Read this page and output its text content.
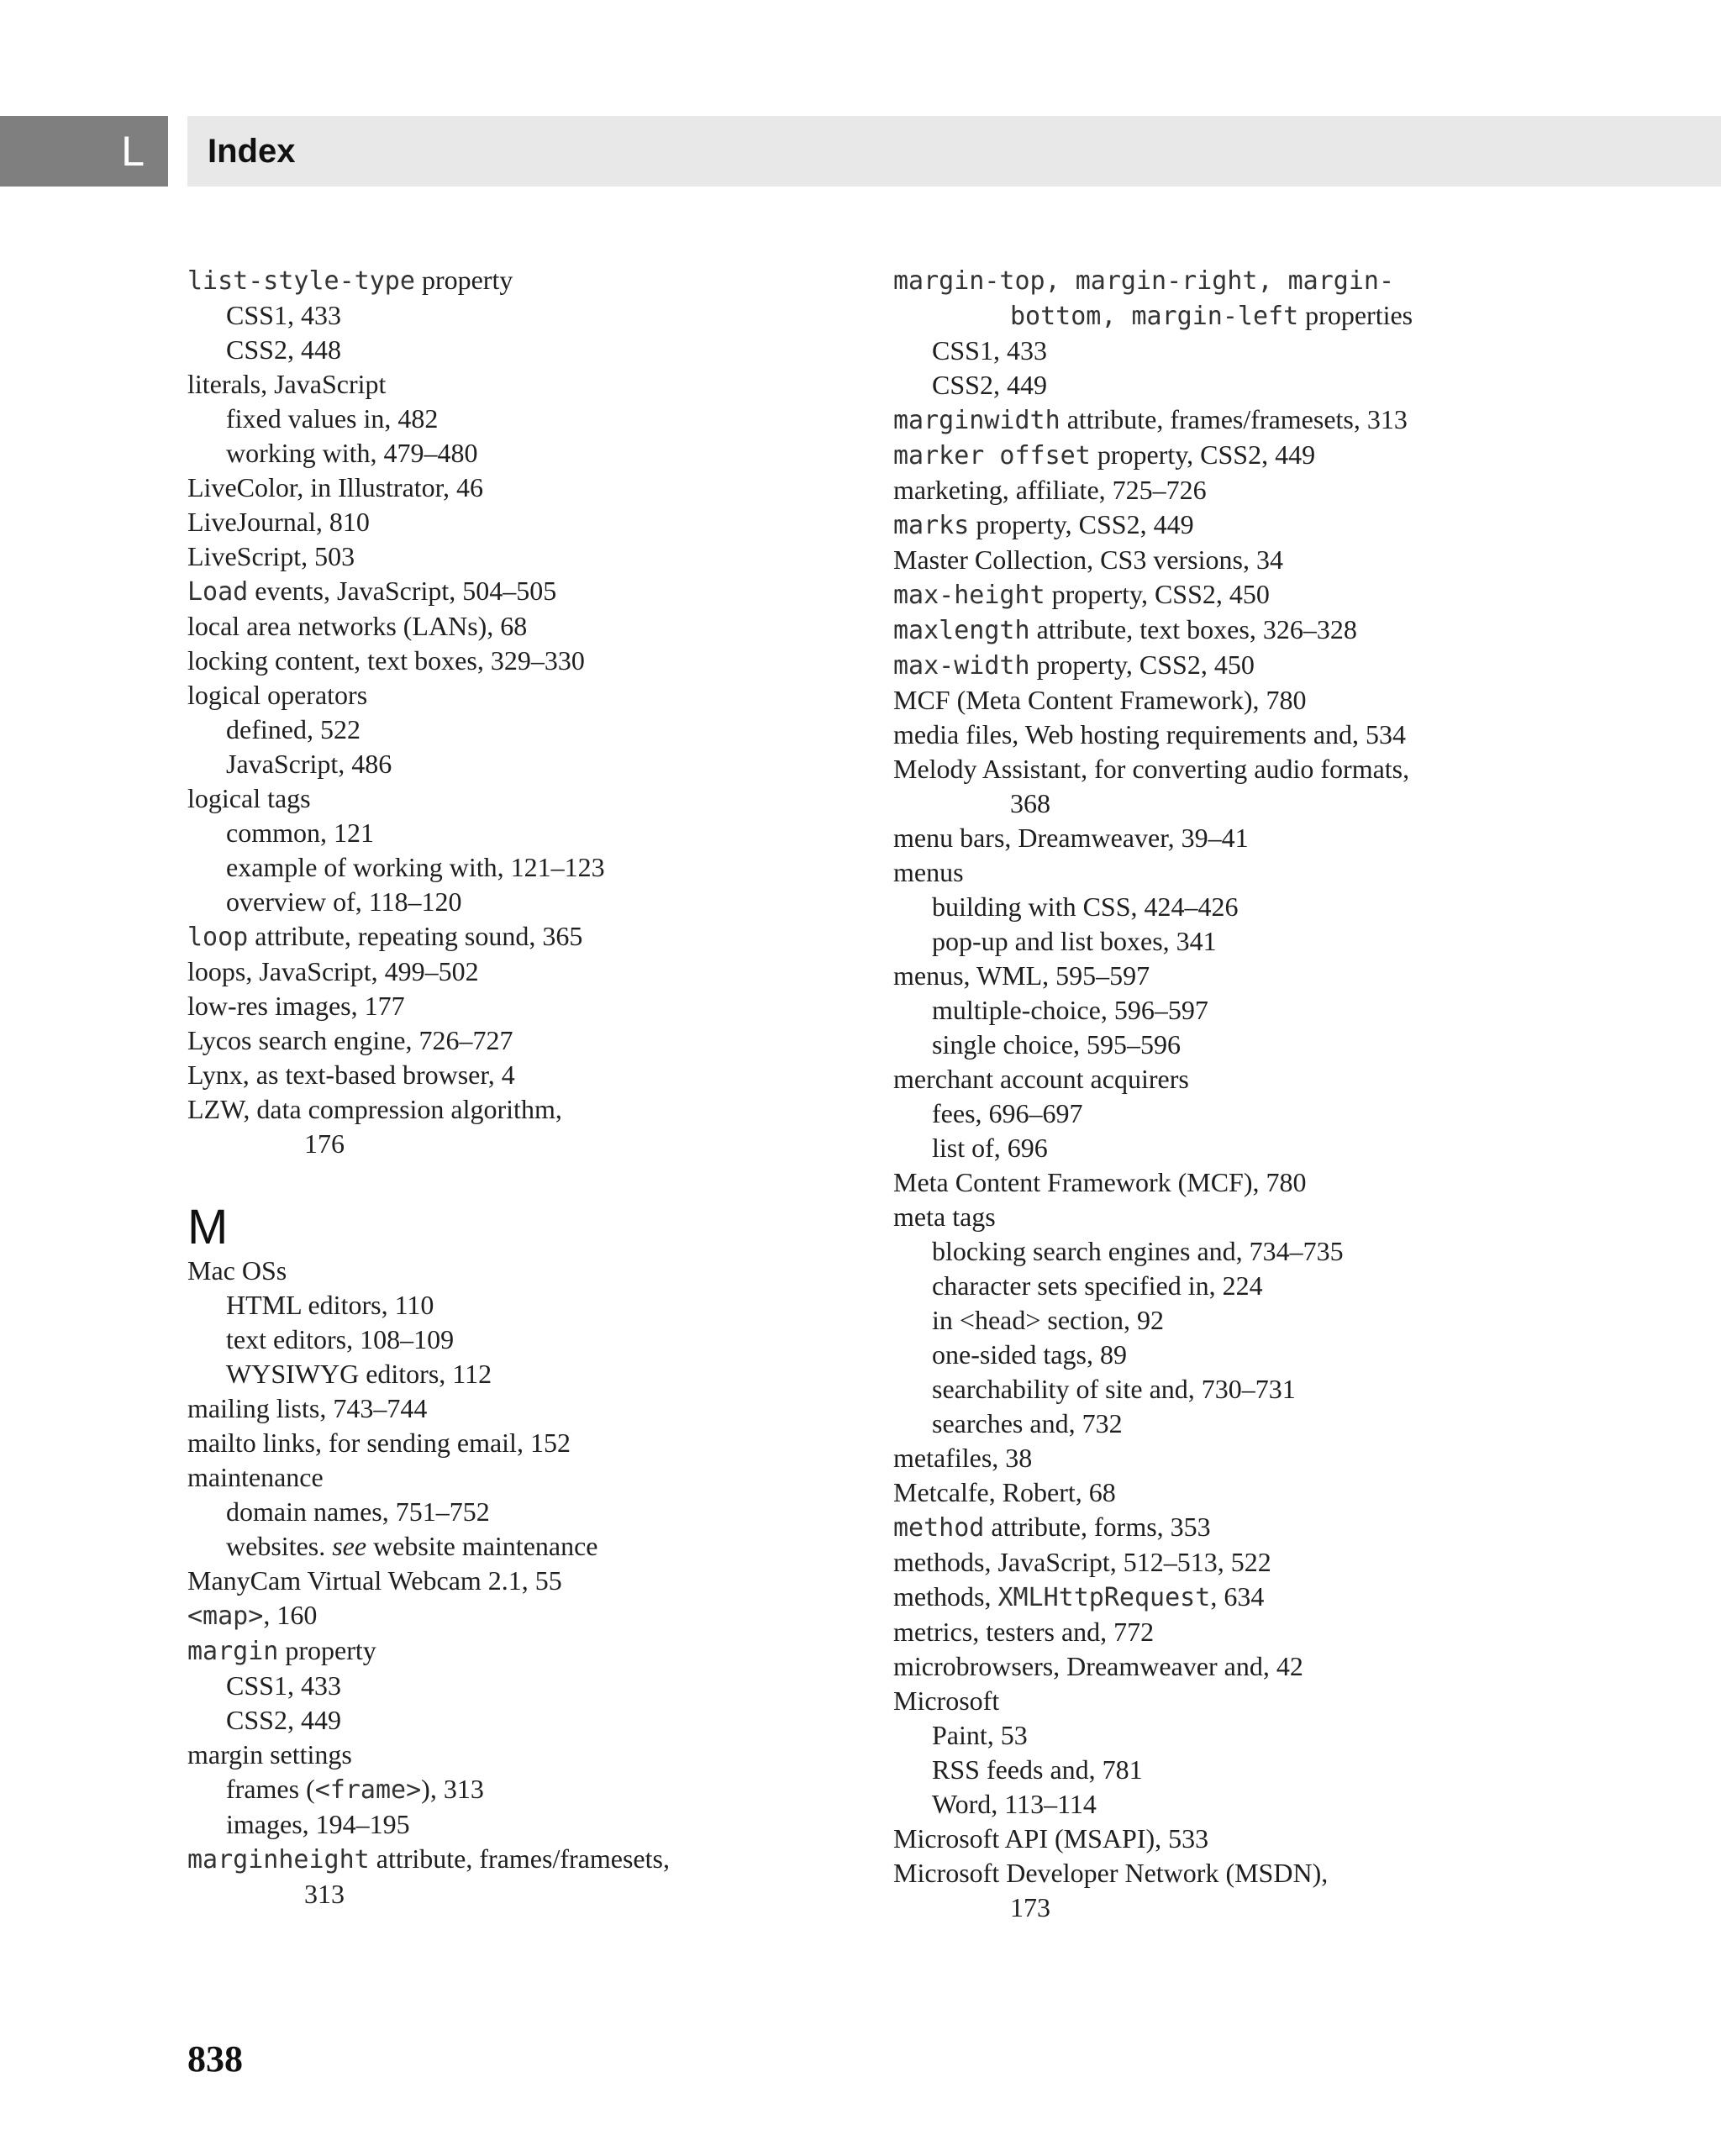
L	Index
list-style-type property
CSS1, 433
CSS2, 448
literals, JavaScript
fixed values in, 482
working with, 479–480
LiveColor, in Illustrator, 46
LiveJournal, 810
LiveScript, 503
Load events, JavaScript, 504–505
local area networks (LANs), 68
locking content, text boxes, 329–330
logical operators
defined, 522
JavaScript, 486
logical tags
common, 121
example of working with, 121–123
overview of, 118–120
loop attribute, repeating sound, 365
loops, JavaScript, 499–502
low-res images, 177
Lycos search engine, 726–727
Lynx, as text-based browser, 4
LZW, data compression algorithm,
176
M
Mac OSs
HTML editors, 110
text editors, 108–109
WYSIWYG editors, 112
mailing lists, 743–744
mailto links, for sending email, 152
maintenance
domain names, 751–752
websites. see website maintenance
ManyCam Virtual Webcam 2.1, 55
<map>, 160
margin property
CSS1, 433
CSS2, 449
margin settings
frames (<frame>), 313
images, 194–195
marginheight attribute, frames/framesets,
313
margin-top, margin-right, margin-
bottom, margin-left properties
CSS1, 433
CSS2, 449
marginwidth attribute, frames/framesets, 313
marker offset property, CSS2, 449
marketing, affiliate, 725–726
marks property, CSS2, 449
Master Collection, CS3 versions, 34
max-height property, CSS2, 450
maxlength attribute, text boxes, 326–328
max-width property, CSS2, 450
MCF (Meta Content Framework), 780
media files, Web hosting requirements and, 534
Melody Assistant, for converting audio formats,
368
menu bars, Dreamweaver, 39–41
menus
building with CSS, 424–426
pop-up and list boxes, 341
menus, WML, 595–597
multiple-choice, 596–597
single choice, 595–596
merchant account acquirers
fees, 696–697
list of, 696
Meta Content Framework (MCF), 780
meta tags
blocking search engines and, 734–735
character sets specified in, 224
in <head> section, 92
one-sided tags, 89
searchability of site and, 730–731
searches and, 732
metafiles, 38
Metcalfe, Robert, 68
method attribute, forms, 353
methods, JavaScript, 512–513, 522
methods, XMLHttpRequest, 634
metrics, testers and, 772
microbrowsers, Dreamweaver and, 42
Microsoft
Paint, 53
RSS feeds and, 781
Word, 113–114
Microsoft API (MSAPI), 533
Microsoft Developer Network (MSDN),
173
838
